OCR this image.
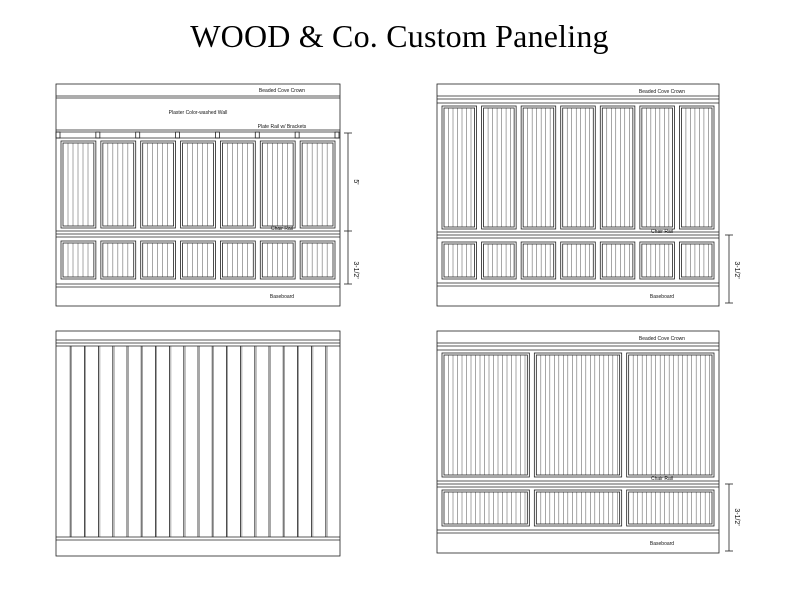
WOOD & Co. Custom Paneling
Beaded Cove Crown
Plaster Color-washed Wall
Plate Rail w/ Brackets
Chair Rail
Baseboard
5'
3-1/2'
Beaded Cove Crown
Chair Rail
Baseboard
3-1/2'
Beaded Cove Crown
Chair Rail
Baseboard
3-1/2'
